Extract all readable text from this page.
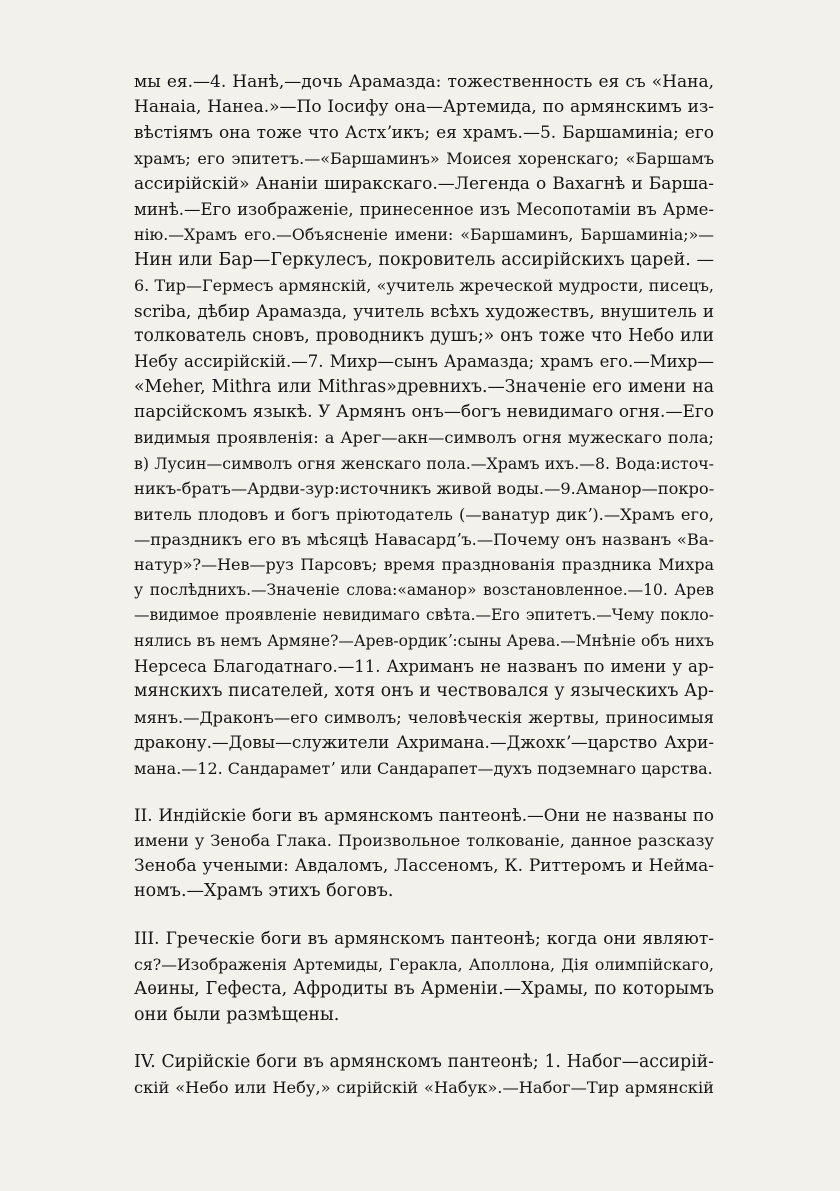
мы ея.—4. Нанѣ,—дочь Арамазда: тожественность ея съ «Нана,
Нанаia, Нанеа.»—По Iосифу она—Артемида, по армянскимъ из-
вѣстiямъ она тоже что Астхʼикъ; ея храмъ.—5. Баршаминiа; его
храмъ; его эпитетъ.—«Баршаминъ» Моисея хоренскаго; «Баршамъ
ассирiйскiй» Ананiи ширакскаго.—Легенда о Вахагнѣ и Барша-
минѣ.—Его изображенiе, принесенное изъ Месопотамiи въ Арме-
нiю.—Храмъ его.—Объясненiе имени: «Баршаминъ, Баршаминiа;»—
Нин или Бар—Геркулесъ, покровитель ассирiйскихъ царей. —
6. Тир—Гермесъ армянскiй, «учитель жреческой мудрости, писецъ,
scriba, дѣбир Арамазда, учитель всѣхъ художествъ, внушитель и
толкователь сновъ, проводникъ душъ;» онъ тоже что Небо или
Небу ассирiйскiй.—7. Михр—сынъ Арамазда; храмъ его.—Михр—
«Meher, Mithra или Mithras»древнихъ.—Значенiе его имени на
парсiйскомъ языкѣ. У Армянъ онъ—богъ невидимаго огня.—Его
видимыя проявленiя: а Арег—акн—символъ огня мужескаго пола;
в) Лусин—символъ огня женскаго пола.—Храмъ ихъ.—8. Вода:источ-
никъ-братъ—Ардви-зур:источникъ живой воды.—9.Аманор—покро-
витель плодовъ и богъ прiютодатель (—ванатур дикʼ).—Храмъ его,
—праздникъ его въ мѣсяцѣ Навасардʼъ.—Почему онъ названъ «Ва-
натур»?—Нев—руз Парсовъ; время празднованiя праздника Михра
у послѣднихъ.—Значенiе слова:«аманор» возстановленное.—10. Арев
—видимое проявленiе невидимаго свѣта.—Его эпитетъ.—Чему покло-
нялись въ немъ Армяне?—Арев-ордикʼ:сыны Арева.—Мнѣнiе объ нихъ
Нерсеса Благодатнаго.—11. Ахриманъ не названъ по имени у ар-
мянскихъ писателей, хотя онъ и чествовался у языческихъ Ар-
мянъ.—Драконъ—его символъ; человѣческiя жертвы, приносимыя
дракону.—Довы—служители Ахримана.—Джохкʼ—царство Ахри-
мана.—12. Сандараметʼ или Сандарапет—духъ подземнаго царства.
II. Индiйскiе боги въ армянскомъ пантеонѣ.—Они не названы по
имени у Зеноба Глака. Произвольное толкованiе, данное разсказу
Зеноба учеными: Авдаломъ, Лассеномъ, К. Риттеромъ и Нейма-
номъ.—Храмъ этихъ боговъ.
III. Греческiе боги въ армянскомъ пантеонѣ; когда они являют-
ся?—Изображенiя Артемиды, Геракла, Аполлона, Дiя олимпiйскаго,
Аѳины, Гефеста, Афродиты въ Арменiи.—Храмы, по которымъ
они были размѣщены.
IV. Сирiйскiе боги въ армянскомъ пантеонѣ; 1. Набог—ассирiй-
скiй «Небо или Небу,» сирiйскiй «Набук».—Набог—Тир армянскiй
